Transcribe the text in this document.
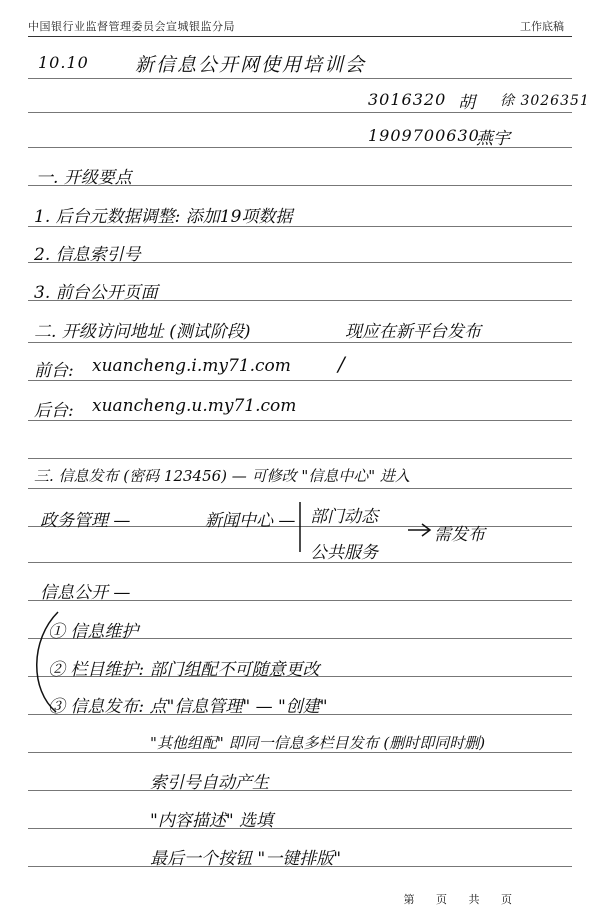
中国银行业监督管理委员会宣城银监分局	工作底稿
10.10 新信息公开网使用培训会
3016320 胡 徐 3026351
1909700630
燕宇
一. 开级要点
1. 后台元数据调整: 添加19项数据
2. 信息索引号
3. 前台公开页面
二. 开级访问地址 (测试阶段)	现应在新平台发布
前台: xuancheng.i.my71.com /
后台: xuancheng.u.my71.com
三. 信息发布 (密码 123456) — 可修改 "信息中心" 进入
政务管理 —	新闻中心 — 部门动态
公共服务
需发布
信息公开 —
① 信息维护
② 栏目维护: 部门组配不可随意更改
③ 信息发布: 点"信息管理" — "创建"
"其他组配" 即同一信息多栏目发布 (删时即同时删)
索引号自动产生
"内容描述" 选填
最后一个按钮 "一键排版"
第 页 共 页
